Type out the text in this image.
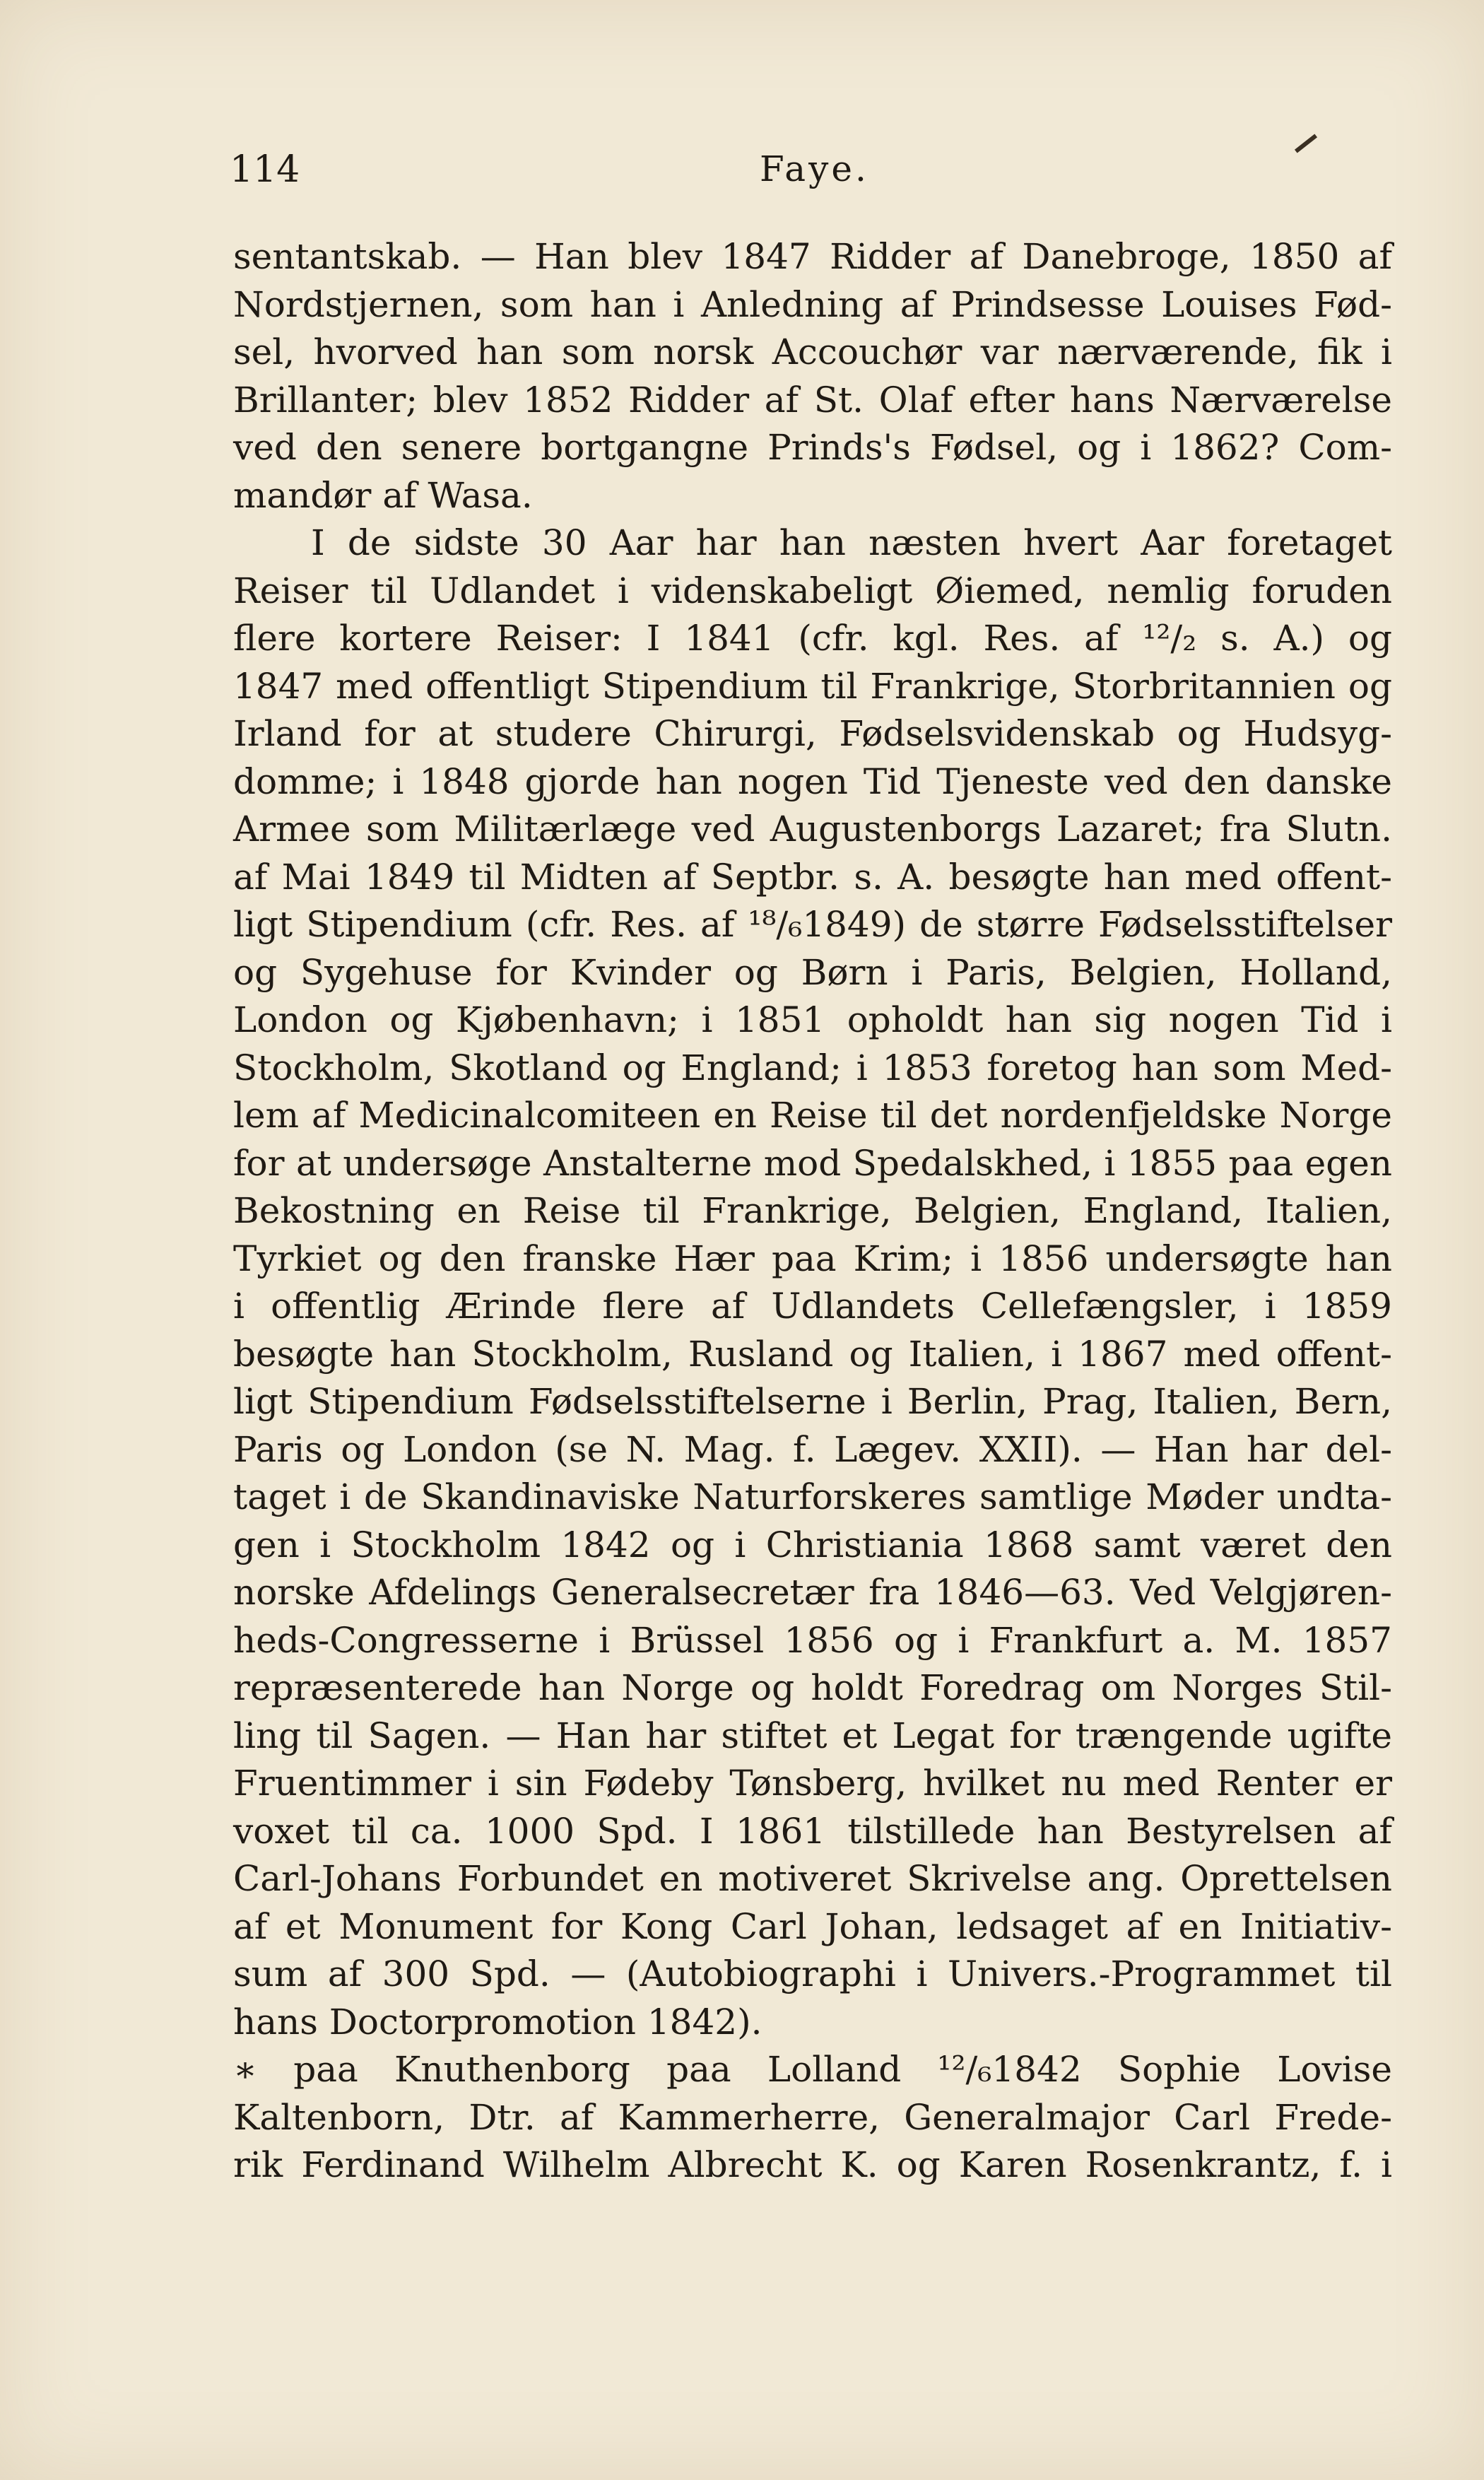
114	Faye.
sentantskab. — Han blev 1847 Ridder af Danebroge, 1850 af
Nordstjernen, som han i Anledning af Prindsesse Louises Fød-
sel, hvorved han som norsk Accouchør var nærværende, fik i
Brillanter; blev 1852 Ridder af St. Olaf efter hans Nærværelse
ved den senere bortgangne Prinds's Fødsel, og i 1862? Com-
mandør af Wasa.
I de sidste 30 Aar har han næsten hvert Aar foretaget
Reiser til Udlandet i videnskabeligt Øiemed, nemlig foruden
flere kortere Reiser: I 1841 (cfr. kgl. Res. af ¹²/₂ s. A.) og
1847 med offentligt Stipendium til Frankrige, Storbritannien og
Irland for at studere Chirurgi, Fødselsvidenskab og Hudsyg-
domme; i 1848 gjorde han nogen Tid Tjeneste ved den danske
Armee som Militærlæge ved Augustenborgs Lazaret; fra Slutn.
af Mai 1849 til Midten af Septbr. s. A. besøgte han med offent-
ligt Stipendium (cfr. Res. af ¹⁸/₆1849) de større Fødselsstiftelser
og Sygehuse for Kvinder og Børn i Paris, Belgien, Holland,
London og Kjøbenhavn; i 1851 opholdt han sig nogen Tid i
Stockholm, Skotland og England; i 1853 foretog han som Med-
lem af Medicinalcomiteen en Reise til det nordenfjeldske Norge
for at undersøge Anstalterne mod Spedalskhed, i 1855 paa egen
Bekostning en Reise til Frankrige, Belgien, England, Italien,
Tyrkiet og den franske Hær paa Krim; i 1856 undersøgte han
i offentlig Ærinde flere af Udlandets Cellefængsler, i 1859
besøgte han Stockholm, Rusland og Italien, i 1867 med offent-
ligt Stipendium Fødselsstiftelserne i Berlin, Prag, Italien, Bern,
Paris og London (se N. Mag. f. Lægev. XXII). — Han har del-
taget i de Skandinaviske Naturforskeres samtlige Møder undta-
gen i Stockholm 1842 og i Christiania 1868 samt været den
norske Afdelings Generalsecretær fra 1846—63. Ved Velgjøren-
heds-Congresserne i Brüssel 1856 og i Frankfurt a. M. 1857
repræsenterede han Norge og holdt Foredrag om Norges Stil-
ling til Sagen. — Han har stiftet et Legat for trængende ugifte
Fruentimmer i sin Fødeby Tønsberg, hvilket nu med Renter er
voxet til ca. 1000 Spd. I 1861 tilstillede han Bestyrelsen af
Carl-Johans Forbundet en motiveret Skrivelse ang. Oprettelsen
af et Monument for Kong Carl Johan, ledsaget af en Initiativ-
sum af 300 Spd. — (Autobiographi i Univers.-Programmet til
hans Doctorpromotion 1842).
∗ paa Knuthenborg paa Lolland ¹²/₆1842 Sophie Lovise
Kaltenborn, Dtr. af Kammerherre, Generalmajor Carl Frede-
rik Ferdinand Wilhelm Albrecht K. og Karen Rosenkrantz, f. i
